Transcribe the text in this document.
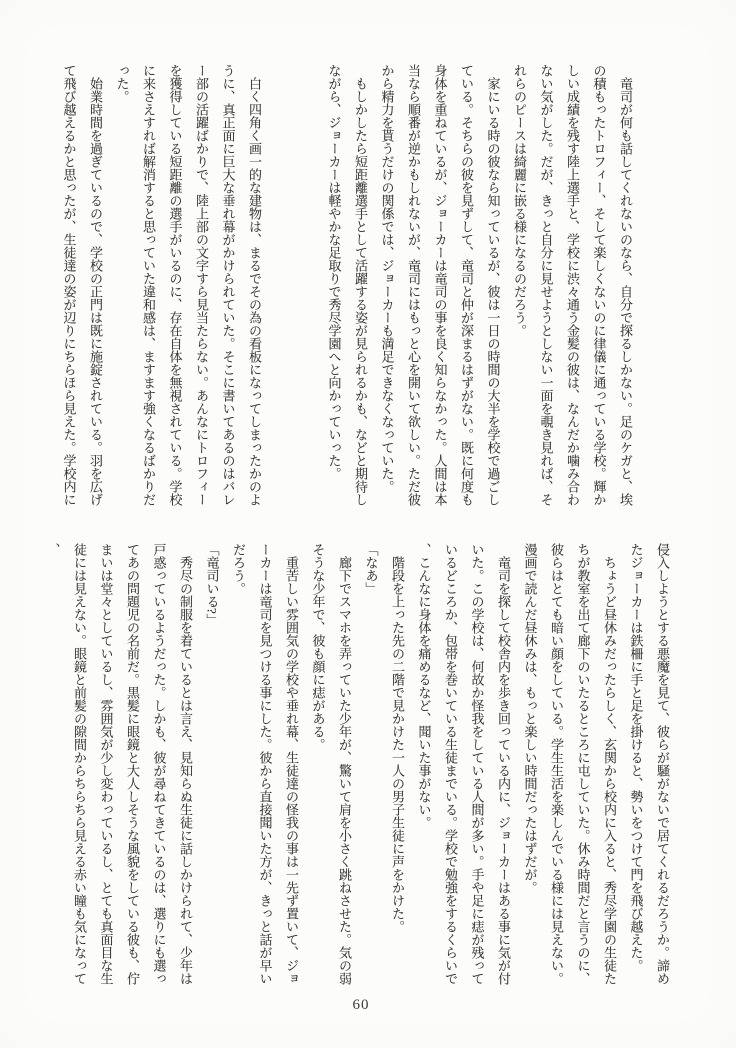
竜司が何も話してくれないのなら、自分で探るしかない。足のケガと、埃の積もったトロフィー、そして楽しくないのに律儀に通っている学校。輝かしい成績を残す陸上選手と、学校に渋々通う金髪の彼は、なんだか噛み合わない気がした。だが、きっと自分に見せようとしない一面を覗き見れば、それらのピースは綺麗に嵌る様になるのだろう。

家にいる時の彼なら知っているが、彼は一日の時間の大半を学校で過ごしている。そちらの彼を見ずして、竜司と仲が深まるはずがない。既に何度も身体を重ねているが、ジョーカーは竜司の事を良く知らなかった。人間は本当なら順番が逆かもしれないが、竜司にはもっと心を開いて欲しい。ただ彼から精力を貰うだけの関係では、ジョーカーも満足できなくなっていた。

もしかしたら短距離選手として活躍する姿が見られるかも、などと期待しながら、ジョーカーは軽やかな足取りで秀尽学園へと向かっていった。

白く四角く画一的な建物は、まるでその為の看板になってしまったかのように、真正面に巨大な垂れ幕がかけられていた。そこに書いてあるのはバレー部の活躍ばかりで、陸上部の文字すら見当たらない。あんなにトロフィーを獲得している短距離の選手がいるのに、存在自体を無視されている。学校に来さえすれば解消すると思っていた違和感は、ますます強くなるばかりだった。

始業時間を過ぎているので、学校の正門は既に施錠されている。羽を広げて飛び越えるかと思ったが、生徒達の姿が辺りにちらほら見えた。学校内に

侵入しようとする悪魔を見て、彼らが騒がないで居てくれるだろうか。諦めたジョーカーは鉄柵に手と足を掛けると、勢いをつけて門を飛び越えた。

ちょうど昼休みだったらしく、玄関から校内に入ると、秀尽学園の生徒たちが教室を出て廊下のいたるところに屯していた。休み時間だと言うのに、彼らはとても暗い顔をしている。学生生活を楽しんでいる様には見えない。漫画で読んだ昼休みは、もっと楽しい時間だったはずだが。

竜司を探して校舎内を歩き回っている内に、ジョーカーはある事に気が付いた。この学校は、何故か怪我をしている人間が多い。手や足に痣が残っているどころか、包帯を巻いている生徒までいる。学校で勉強をするくらいで、こんなに身体を痛めるなど、聞いた事がない。

階段を上った先の二階で見かけた一人の男子生徒に声をかけた。

「なあ」

廊下でスマホを弄っていた少年が、驚いて肩を小さく跳ねさせた。気の弱そうな少年で、彼も顔に痣がある。

重苦しい雰囲気の学校や垂れ幕、生徒達の怪我の事は一先ず置いて、ジョーカーは竜司を見つける事にした。彼から直接聞いた方が、きっと話が早いだろう。

「竜司いる?」

秀尽の制服を着ているとは言え、見知らぬ生徒に話しかけられて、少年は戸惑っているようだった。しかも、彼が尋ねてきているのは、選りにも選ってあの問題児の名前だ。黒髪に眼鏡と大人しそうな風貌をしている彼も、佇まいは堂々としているし、雰囲気が少し変わっているし、とても真面目な生徒には見えない。眼鏡と前髪の隙間からちらちら見える赤い瞳も気になって、

60
